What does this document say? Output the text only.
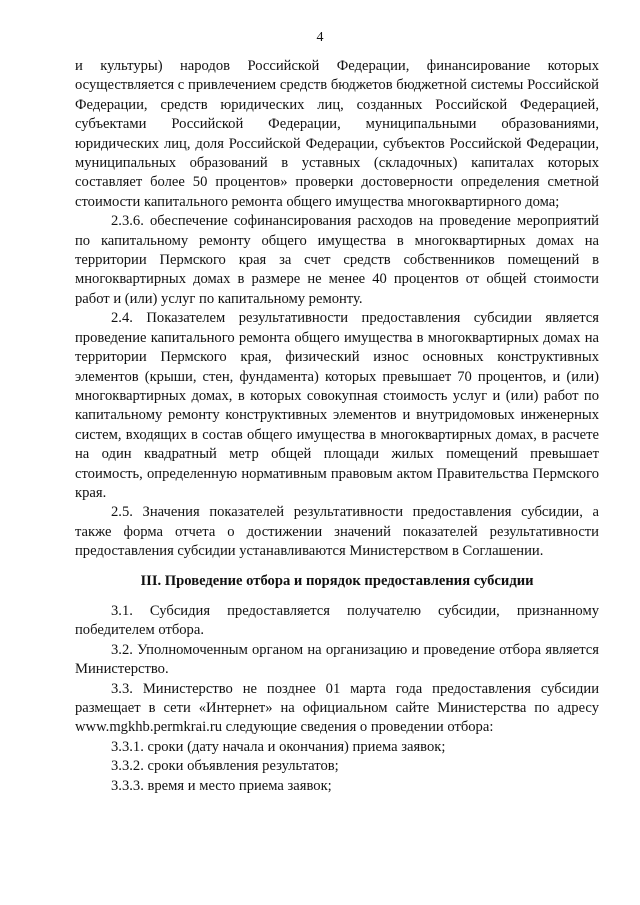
4

и культуры) народов Российской Федерации, финансирование которых осуществляется с привлечением средств бюджетов бюджетной системы Российской Федерации, средств юридических лиц, созданных Российской Федерацией, субъектами Российской Федерации, муниципальными образованиями, юридических лиц, доля Российской Федерации, субъектов Российской Федерации, муниципальных образований в уставных (складочных) капиталах которых составляет более 50 процентов» проверки достоверности определения сметной стоимости капитального ремонта общего имущества многоквартирного дома;

2.3.6. обеспечение софинансирования расходов на проведение мероприятий по капитальному ремонту общего имущества в многоквартирных домах на территории Пермского края за счет средств собственников помещений в многоквартирных домах в размере не менее 40 процентов от общей стоимости работ и (или) услуг по капитальному ремонту.

2.4. Показателем результативности предоставления субсидии является проведение капитального ремонта общего имущества в многоквартирных домах на территории Пермского края, физический износ основных конструктивных элементов (крыши, стен, фундамента) которых превышает 70 процентов, и (или) многоквартирных домах, в которых совокупная стоимость услуг и (или) работ по капитальному ремонту конструктивных элементов и внутридомовых инженерных систем, входящих в состав общего имущества в многоквартирных домах, в расчете на один квадратный метр общей площади жилых помещений превышает стоимость, определенную нормативным правовым актом Правительства Пермского края.

2.5. Значения показателей результативности предоставления субсидии, а также форма отчета о достижении значений показателей результативности предоставления субсидии устанавливаются Министерством в Соглашении.

III. Проведение отбора и порядок предоставления субсидии

3.1. Субсидия предоставляется получателю субсидии, признанному победителем отбора.

3.2. Уполномоченным органом на организацию и проведение отбора является Министерство.

3.3. Министерство не позднее 01 марта года предоставления субсидии размещает в сети «Интернет» на официальном сайте Министерства по адресу www.mgkhb.permkrai.ru следующие сведения о проведении отбора:

3.3.1. сроки (дату начала и окончания) приема заявок;

3.3.2. сроки объявления результатов;

3.3.3. время и место приема заявок;
